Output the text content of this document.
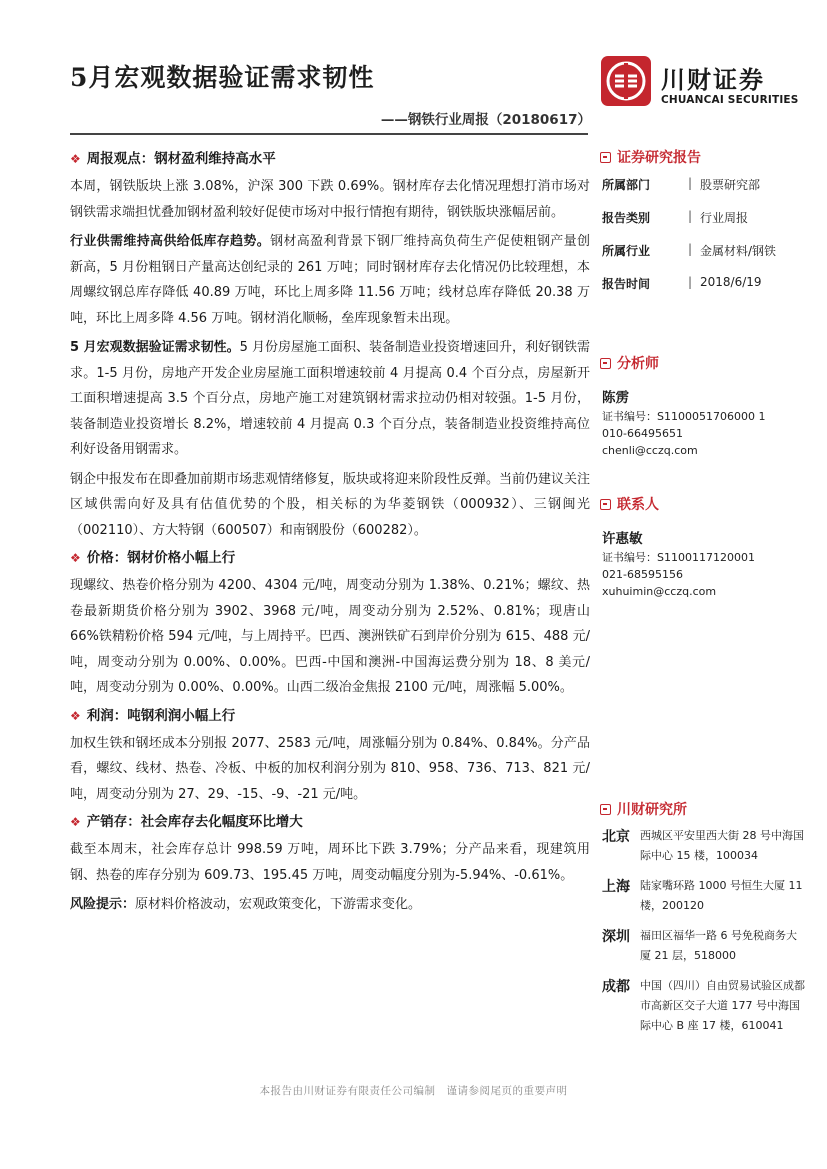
5月宏观数据验证需求韧性
——钢铁行业周报（20180617）
川财证券
CHUANCAI SECURITIES
❖ 周报观点：钢材盈利维持高水平

本周，钢铁版块上涨 3.08%，沪深 300 下跌 0.69%。钢材库存去化情况理想打消市场对钢铁需求端担忧叠加钢材盈利较好促使市场对中报行情抱有期待，钢铁版块涨幅居前。

行业供需维持高供给低库存趋势。钢材高盈利背景下钢厂维持高负荷生产促使粗钢产量创新高，5 月份粗钢日产量高达创纪录的 261 万吨；同时钢材库存去化情况仍比较理想，本周螺纹钢总库存降低 40.89 万吨，环比上周多降 11.56 万吨；线材总库存降低 20.38 万吨，环比上周多降 4.56 万吨。钢材消化顺畅，垒库现象暂未出现。

5 月宏观数据验证需求韧性。5 月份房屋施工面积、装备制造业投资增速回升，利好钢铁需求。1-5 月份，房地产开发企业房屋施工面积增速较前 4 月提高 0.4 个百分点，房屋新开工面积增速提高 3.5 个百分点，房地产施工对建筑钢材需求拉动仍相对较强。1-5 月份，装备制造业投资增长 8.2%，增速较前 4 月提高 0.3 个百分点，装备制造业投资维持高位利好设备用钢需求。

钢企中报发布在即叠加前期市场悲观情绪修复，版块或将迎来阶段性反弹。当前仍建议关注区域供需向好及具有估值优势的个股，相关标的为华菱钢铁（000932）、三钢闽光（002110）、方大特钢（600507）和南钢股份（600282）。

❖ 价格：钢材价格小幅上行

现螺纹、热卷价格分别为 4200、4304 元/吨，周变动分别为 1.38%、0.21%；螺纹、热卷最新期货价格分别为 3902、3968 元/吨，周变动分别为 2.52%、0.81%；现唐山 66%铁精粉价格 594 元/吨，与上周持平。巴西、澳洲铁矿石到岸价分别为 615、488 元/吨，周变动分别为 0.00%、0.00%。巴西-中国和澳洲-中国海运费分别为 18、8 美元/吨，周变动分别为 0.00%、0.00%。山西二级冶金焦报 2100 元/吨，周涨幅 5.00%。

❖ 利润：吨钢利润小幅上行

加权生铁和钢坯成本分别报 2077、2583 元/吨，周涨幅分别为 0.84%、0.84%。分产品看，螺纹、线材、热卷、冷板、中板的加权利润分别为 810、958、736、713、821 元/吨，周变动分别为 27、29、-15、-9、-21 元/吨。

❖ 产销存：社会库存去化幅度环比增大

截至本周末，社会库存总计 998.59 万吨，周环比下跌 3.79%；分产品来看，现建筑用钢、热卷的库存分别为 609.73、195.45 万吨，周变动幅度分别为-5.94%、-0.61%。

风险提示：原材料价格波动，宏观政策变化，下游需求变化。

证券研究报告
所属部门	| 股票研究部
报告类别	| 行业周报
所属行业	| 金属材料/钢铁
报告时间	| 2018/6/19
分析师
陈雳
证书编号：S1100051706000 1
010-66495651
chenli@cczq.com
联系人
许惠敏
证书编号：S1100117120001
021-68595156
xuhuimin@cczq.com
川财研究所
北京 西城区平安里西大街 28 号中海国际中心 15 楼，100034
上海 陆家嘴环路 1000 号恒生大厦 11 楼，200120
深圳 福田区福华一路 6 号免税商务大厦 21 层，518000
成都 中国（四川）自由贸易试验区成都市高新区交子大道 177 号中海国际中心 B 座 17 楼，610041
本报告由川财证券有限责任公司编制　谨请参阅尾页的重要声明
